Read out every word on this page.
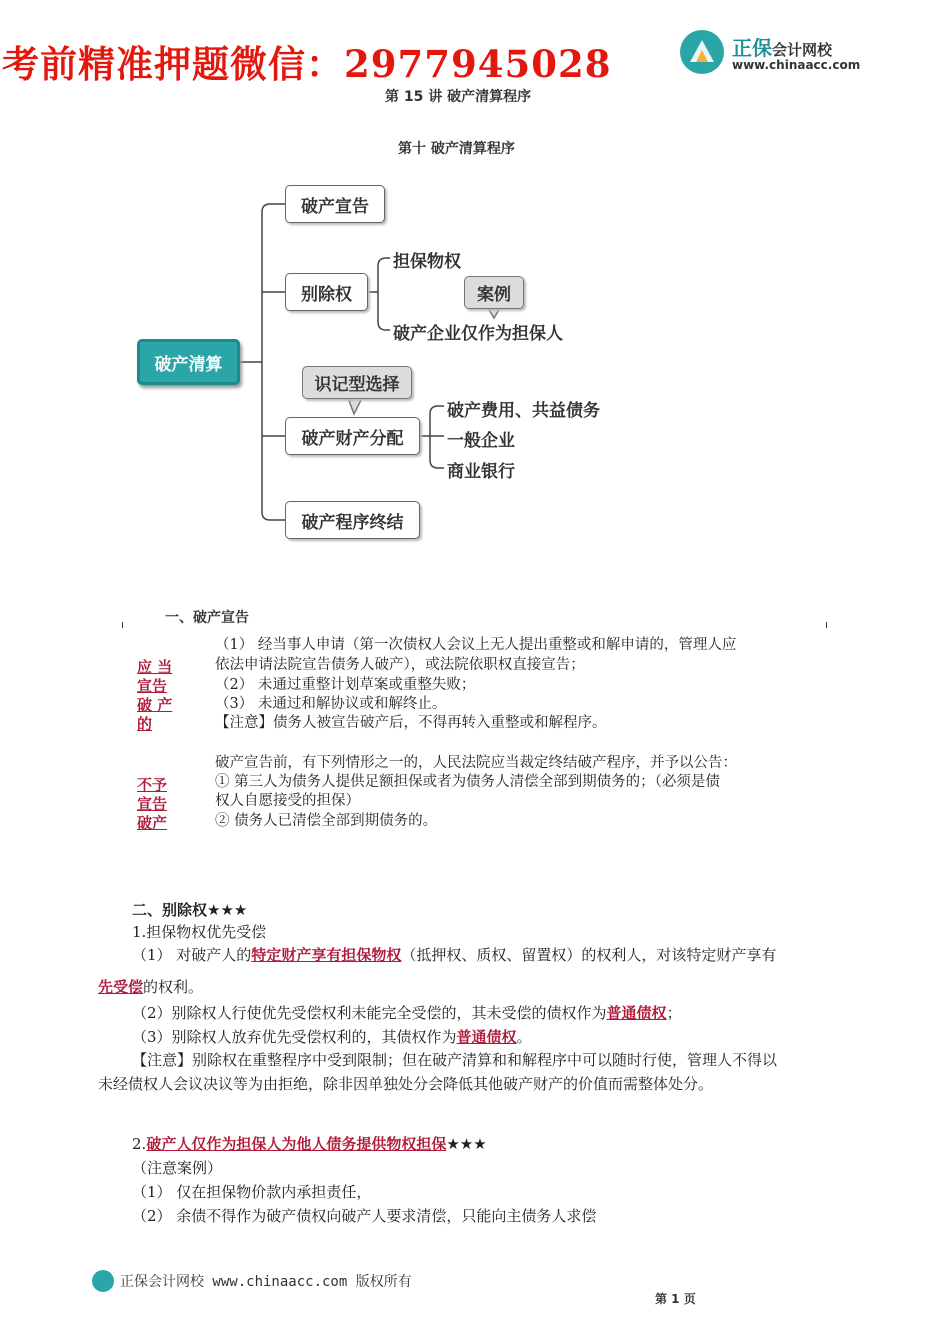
考前精准押题微信：2977945028	正保会计网校
www.chinaacc.com
第 15 讲 破产清算程序
第十 破产清算程序
破产清算
破产宣告
别除权
破产财产分配
破产程序终结
案例
识记型选择
担保物权
破产企业仅作为担保人
破产费用、共益债务
一般企业
商业银行
一、破产宣告
应 当
宣告
破 产
的
（1） 经当事人申请（第一次债权人会议上无人提出重整或和解申请的，管理人应
依法申请法院宣告债务人破产），或法院依职权直接宣告；
（2） 未通过重整计划草案或重整失败；
（3） 未通过和解协议或和解终止。
【注意】债务人被宣告破产后，不得再转入重整或和解程序。
不予
宣告
破产
破产宣告前，有下列情形之一的，人民法院应当裁定终结破产程序，并予以公告：
① 第三人为债务人提供足额担保或者为债务人清偿全部到期债务的；（必须是债
权人自愿接受的担保）
② 债务人已清偿全部到期债务的。
二、别除权★★★
1.担保物权优先受偿
（1） 对破产人的特定财产享有担保物权（抵押权、质权、留置权）的权利人，对该特定财产享有
先受偿的权利。
（2）别除权人行使优先受偿权利未能完全受偿的，其未受偿的债权作为普通债权；
（3）别除权人放弃优先受偿权利的，其债权作为普通债权。
【注意】别除权在重整程序中受到限制；但在破产清算和和解程序中可以随时行使，管理人不得以
未经债权人会议决议等为由拒绝，除非因单独处分会降低其他破产财产的价值而需整体处分。
2.破产人仅作为担保人为他人债务提供物权担保★★★
（注意案例）
（1） 仅在担保物价款内承担责任，
（2） 余债不得作为破产债权向破产人要求清偿，只能向主债务人求偿
正保会计网校 www.chinaacc.com 版权所有
第 1 页
